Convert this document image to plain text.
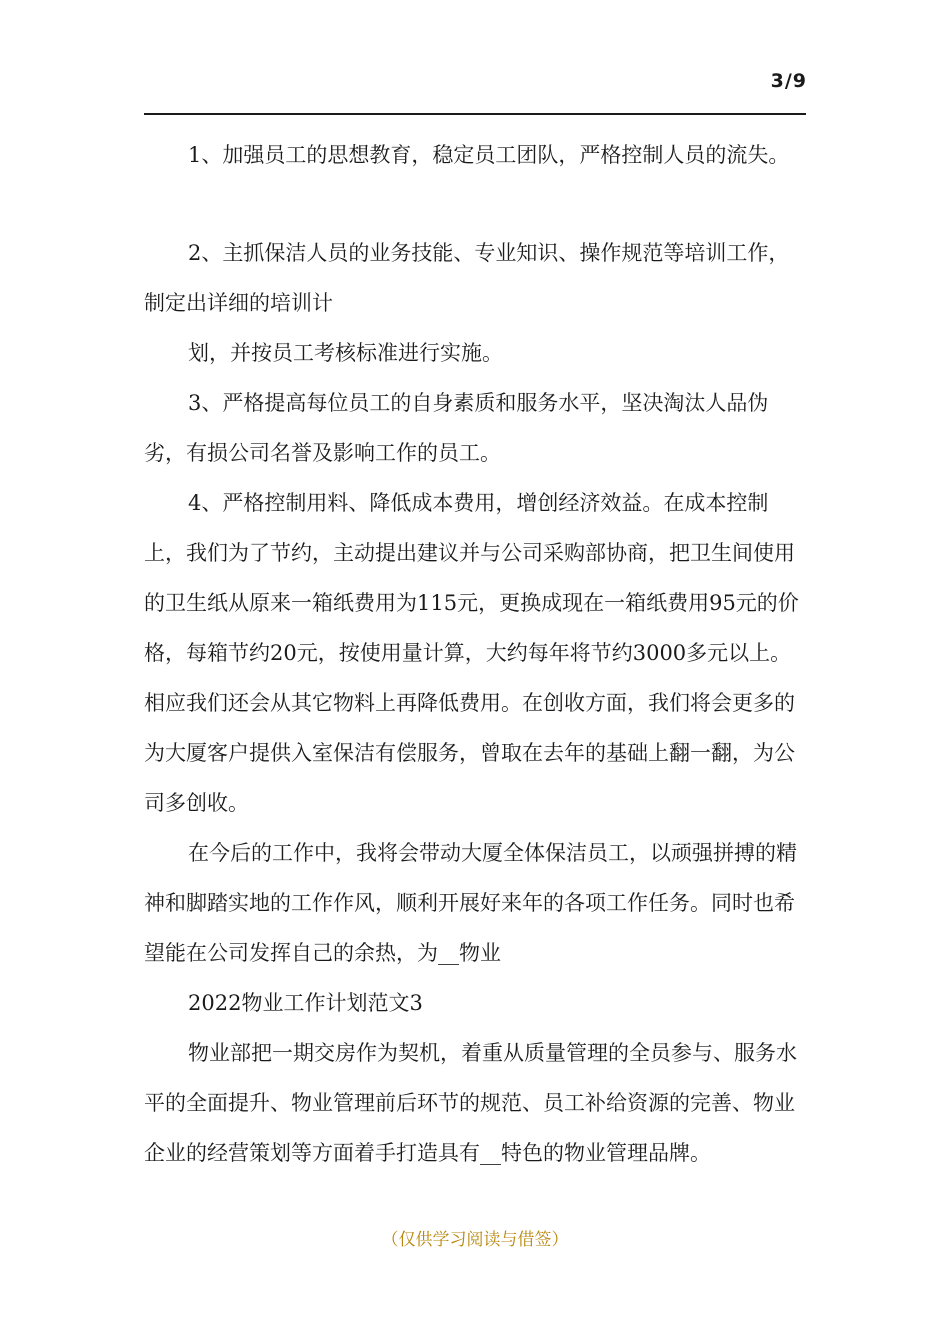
3/9

1、加强员工的思想教育，稳定员工团队，严格控制人员的流失。

2、主抓保洁人员的业务技能、专业知识、操作规范等培训工作，制定出详细的培训计

划，并按员工考核标准进行实施。

3、严格提高每位员工的自身素质和服务水平，坚决淘汰人品伪劣，有损公司名誉及影响工作的员工。

4、严格控制用料、降低成本费用，增创经济效益。在成本控制上，我们为了节约，主动提出建议并与公司采购部协商，把卫生间使用的卫生纸从原来一箱纸费用为115元，更换成现在一箱纸费用95元的价格，每箱节约20元，按使用量计算，大约每年将节约3000多元以上。相应我们还会从其它物料上再降低费用。在创收方面，我们将会更多的为大厦客户提供入室保洁有偿服务，曾取在去年的基础上翻一翻，为公司多创收。

在今后的工作中，我将会带动大厦全体保洁员工，以顽强拼搏的精神和脚踏实地的工作作风，顺利开展好来年的各项工作任务。同时也希望能在公司发挥自己的余热，为__物业

2022物业工作计划范文3

物业部把一期交房作为契机，着重从质量管理的全员参与、服务水平的全面提升、物业管理前后环节的规范、员工补给资源的完善、物业企业的经营策划等方面着手打造具有__特色的物业管理品牌。

（仅供学习阅读与借签）
